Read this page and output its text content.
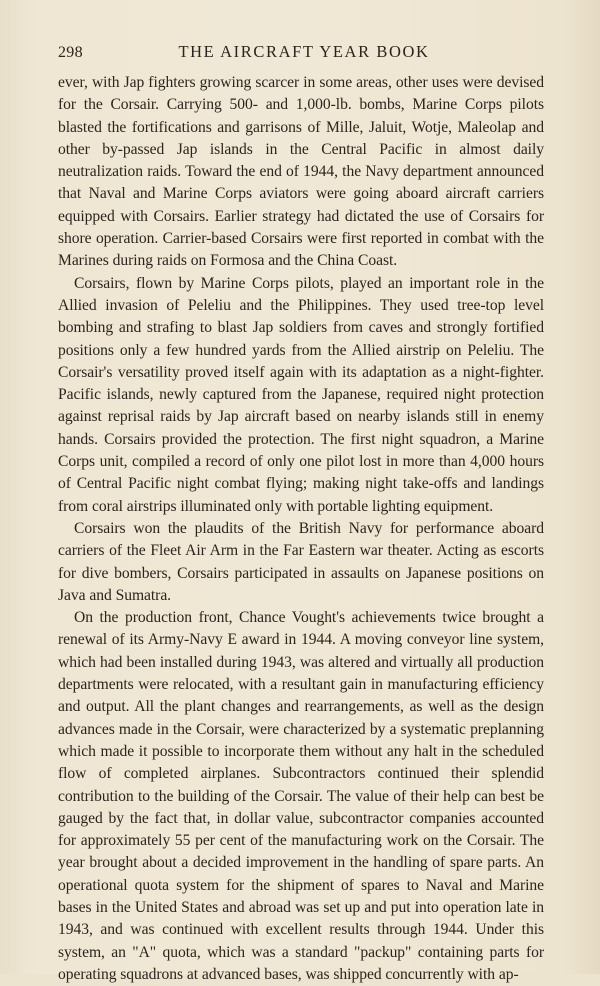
298	THE AIRCRAFT YEAR BOOK

ever, with Jap fighters growing scarcer in some areas, other uses were devised for the Corsair. Carrying 500- and 1,000-lb. bombs, Marine Corps pilots blasted the fortifications and garrisons of Mille, Jaluit, Wotje, Maleolap and other by-passed Jap islands in the Central Pacific in almost daily neutralization raids. Toward the end of 1944, the Navy department announced that Naval and Marine Corps aviators were going aboard aircraft carriers equipped with Corsairs. Earlier strategy had dictated the use of Corsairs for shore operation. Carrier-based Corsairs were first reported in combat with the Marines during raids on Formosa and the China Coast.

Corsairs, flown by Marine Corps pilots, played an important role in the Allied invasion of Peleliu and the Philippines. They used tree-top level bombing and strafing to blast Jap soldiers from caves and strongly fortified positions only a few hundred yards from the Allied airstrip on Peleliu. The Corsair's versatility proved itself again with its adaptation as a night-fighter. Pacific islands, newly captured from the Japanese, required night protection against reprisal raids by Jap aircraft based on nearby islands still in enemy hands. Corsairs provided the protection. The first night squadron, a Marine Corps unit, compiled a record of only one pilot lost in more than 4,000 hours of Central Pacific night combat flying; making night take-offs and landings from coral airstrips illuminated only with portable lighting equipment.

Corsairs won the plaudits of the British Navy for performance aboard carriers of the Fleet Air Arm in the Far Eastern war theater. Acting as escorts for dive bombers, Corsairs participated in assaults on Japanese positions on Java and Sumatra.

On the production front, Chance Vought's achievements twice brought a renewal of its Army-Navy E award in 1944. A moving conveyor line system, which had been installed during 1943, was altered and virtually all production departments were relocated, with a resultant gain in manufacturing efficiency and output. All the plant changes and rearrangements, as well as the design advances made in the Corsair, were characterized by a systematic preplanning which made it possible to incorporate them without any halt in the scheduled flow of completed airplanes. Subcontractors continued their splendid contribution to the building of the Corsair. The value of their help can best be gauged by the fact that, in dollar value, subcontractor companies accounted for approximately 55 per cent of the manufacturing work on the Corsair. The year brought about a decided improvement in the handling of spare parts. An operational quota system for the shipment of spares to Naval and Marine bases in the United States and abroad was set up and put into operation late in 1943, and was continued with excellent results through 1944. Under this system, an "A" quota, which was a standard "packup" containing parts for operating squadrons at advanced bases, was shipped concurrently with ap-
